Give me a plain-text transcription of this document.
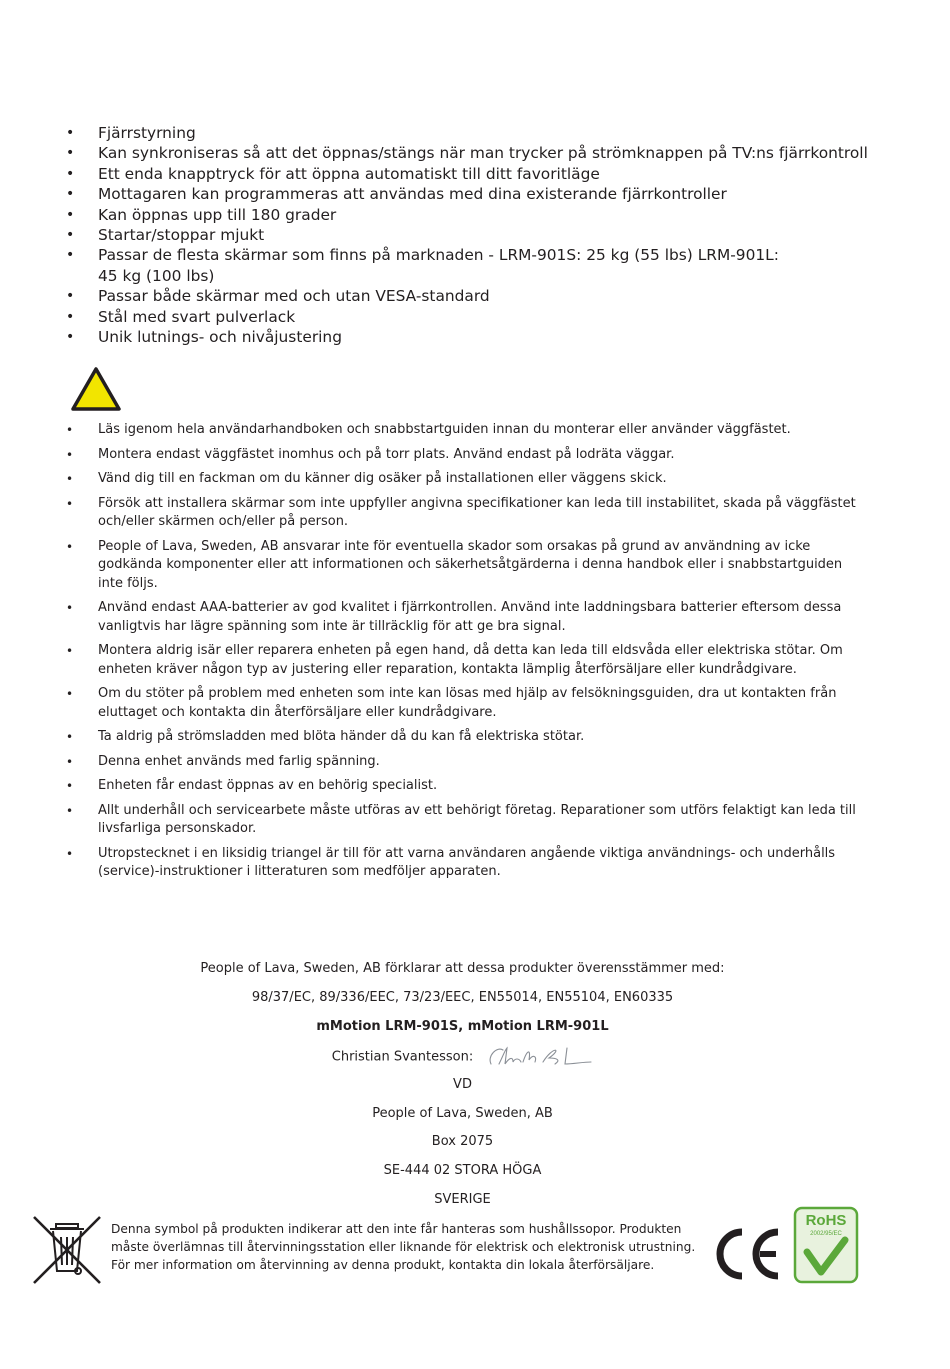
• Fjärrstyrning
• Kan synkroniseras så att det öppnas/stängs när man trycker på strömknappen på TV:ns fjärrkontroll
• Ett enda knapptryck för att öppna automatiskt till ditt favoritläge
• Mottagaren kan programmeras att användas med dina existerande fjärrkontroller
• Kan öppnas upp till 180 grader
• Startar/stoppar mjukt
• Passar de flesta skärmar som finns på marknaden - LRM-901S: 25 kg (55 lbs) LRM-901L:
45 kg (100 lbs)
• Passar både skärmar med och utan VESA-standard
• Stål med svart pulverlack
• Unik lutnings- och nivåjustering
• Läs igenom hela användarhandboken och snabbstartguiden innan du monterar eller använder väggfästet.
• Montera endast väggfästet inomhus och på torr plats. Använd endast på lodräta väggar.
• Vänd dig till en fackman om du känner dig osäker på installationen eller väggens skick.
• Försök att installera skärmar som inte uppfyller angivna specifikationer kan leda till instabilitet, skada på väggfästet och/eller skärmen och/eller på person.
• People of Lava, Sweden, AB ansvarar inte för eventuella skador som orsakas på grund av användning av icke godkända komponenter eller att informationen och säkerhetsåtgärderna i denna handbok eller i snabbstartguiden inte följs.
• Använd endast AAA-batterier av god kvalitet i fjärrkontrollen. Använd inte laddningsbara batterier eftersom dessa vanligtvis har lägre spänning som inte är tillräcklig för att ge bra signal.
• Montera aldrig isär eller reparera enheten på egen hand, då detta kan leda till eldsvåda eller elektriska stötar. Om enheten kräver någon typ av justering eller reparation, kontakta lämplig återförsäljare eller kundrådgivare.
• Om du stöter på problem med enheten som inte kan lösas med hjälp av felsökningsguiden, dra ut kontakten från eluttaget och kontakta din återförsäljare eller kundrådgivare.
• Ta aldrig på strömsladden med blöta händer då du kan få elektriska stötar.
• Denna enhet används med farlig spänning.
• Enheten får endast öppnas av en behörig specialist.
• Allt underhåll och servicearbete måste utföras av ett behörigt företag. Reparationer som utförs felaktigt kan leda till livsfarliga personskador.
• Utropstecknet i en liksidig triangel är till för att varna användaren angående viktiga användnings- och underhålls (service)-instruktioner i litteraturen som medföljer apparaten.
People of Lava, Sweden, AB förklarar att dessa produkter överensstämmer med:
98/37/EC, 89/336/EEC, 73/23/EEC, EN55014, EN55104, EN60335
mMotion LRM-901S, mMotion LRM-901L
Christian Svantesson:
VD
People of Lava, Sweden, AB
Box 2075
SE-444 02 STORA HÖGA
SVERIGE
Denna symbol på produkten indikerar att den inte får hanteras som hushållssopor. Produkten måste överlämnas till återvinningsstation eller liknande för elektrisk och elektronisk utrustning. För mer information om återvinning av denna produkt, kontakta din lokala återförsäljare.
RoHS
2002/95/EC
